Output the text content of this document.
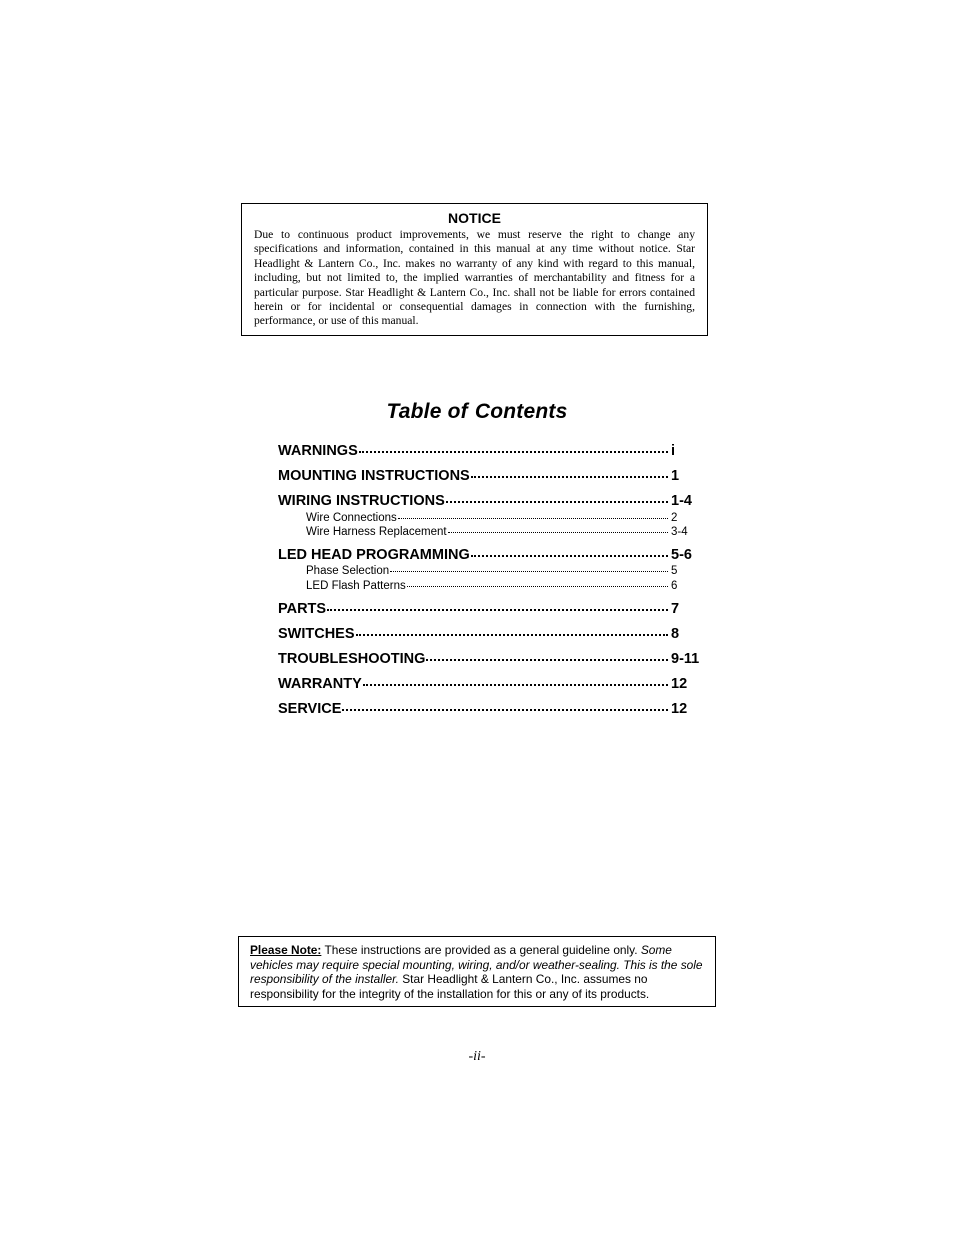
NOTICE

Due to continuous product improvements, we must reserve the right to change any specifications and information, contained in this manual at any time without notice. Star Headlight & Lantern Co., Inc. makes no warranty of any kind with regard to this manual, including, but not limited to, the implied warranties of merchantability and fitness for a particular purpose. Star Headlight & Lantern Co., Inc. shall not be liable for errors contained herein or for incidental or consequential damages in connection with the furnishing, performance, or use of this manual.

Table of Contents
WARNINGS	i
MOUNTING INSTRUCTIONS	1
WIRING INSTRUCTIONS	1-4
Wire Connections	2
Wire Harness Replacement	3-4
LED HEAD PROGRAMMING	5-6
Phase Selection	5
LED Flash Patterns	6
PARTS	7
SWITCHES	8
TROUBLESHOOTING	9-11
WARRANTY	12
SERVICE	12
Please Note: These instructions are provided as a general guideline only. Some vehicles may require special mounting, wiring, and/or weather-sealing. This is the sole responsibility of the installer. Star Headlight & Lantern Co., Inc. assumes no responsibility for the integrity of the installation for this or any of its products.
-ii-
